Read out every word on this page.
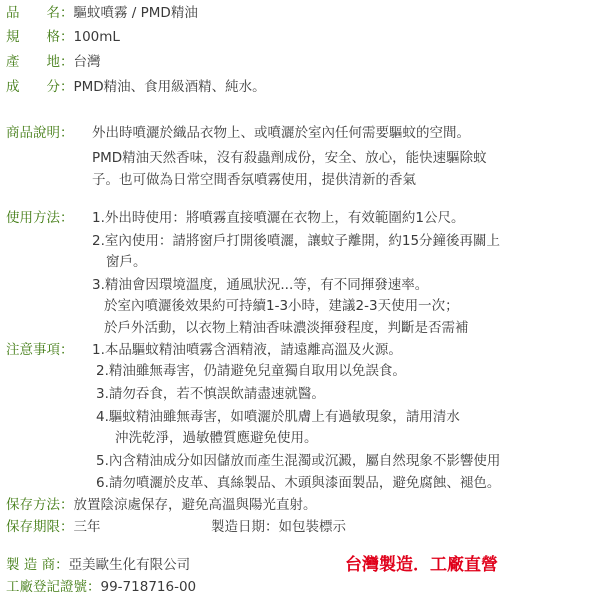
品　　名：驅蚊噴霧 / PMD精油
規　　格：100mL
產　　地：台灣
成　　分：PMD精油、食用級酒精、純水。
商品說明： 外出時噴灑於織品衣物上、或噴灑於室內任何需要驅蚊的空間。
PMD精油天然香味，沒有殺蟲劑成份，安全、放心，能快速驅除蚊
子。也可做為日常空間香氛噴霧使用，提供清新的香氣
使用方法： 1.外出時使用：將噴霧直接噴灑在衣物上，有效範圍約1公尺。
2.室內使用：請將窗戶打開後噴灑，讓蚊子離開，約15分鐘後再關上
窗戶。
3.精油會因環境溫度，通風狀況...等，有不同揮發速率。
於室內噴灑後效果約可持續1-3小時，建議2-3天使用一次；
於戶外活動，以衣物上精油香味濃淡揮發程度，判斷是否需補
注意事項： 1.本品驅蚊精油噴霧含酒精液，請遠離高溫及火源。
2.精油雖無毒害，仍請避免兒童獨自取用以免誤食。
3.請勿吞食，若不慎誤飲請盡速就醫。
4.驅蚊精油雖無毒害，如噴灑於肌膚上有過敏現象，請用清水
沖洗乾淨，過敏體質應避免使用。
5.內含精油成分如因儲放而產生混濁或沉澱，屬自然現象不影響使用
6.請勿噴灑於皮革、真絲製品、木頭與漆面製品，避免腐蝕、褪色。
保存方法：放置陰涼處保存，避免高溫與陽光直射。
保存期限：三年	製造日期：如包裝標示
製 造 商：亞美歐生化有限公司
工廠登記證號：99-718716-00
台灣製造．工廠直營
